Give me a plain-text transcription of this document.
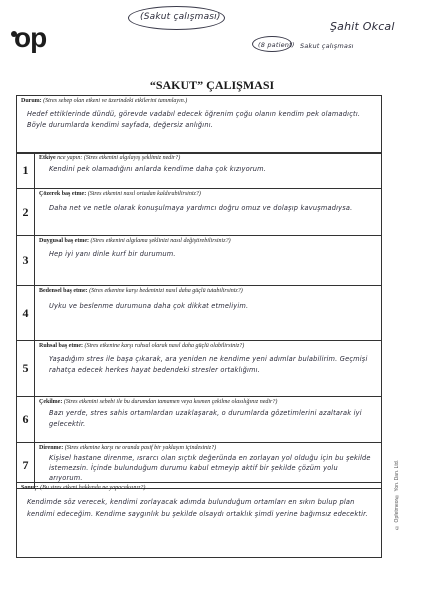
op
(Sakut çalışması)
Şahit Okcal
(8 patient) Sakut çalışması
“SAKUT” ÇALIŞMASI
Durum: (Stres sebep olan etkeni ve üzerindeki etkilerini tanımlayın.)
Hedef ettiklerinde dündü, görevde vadabıl edecek öğrenim çoğu olanın kendim pek olamadıçtı. Böyle durumlarda kendimi sayfada, değersiz anlığını.
1
Etkiye nce yapın: (Stres etkenini algılayış şeklimiz nedir?)
Kendini pek olamadığını anlarda kendime daha çok kızıyorum.
2
Çözerek baş etme: (Stres etkenini nasıl ortadan kaldırabilirsiniz?)
Daha net ve netle olarak konuşulmaya yardımcı doğru omuz ve dolaşıp kavuşmadıysa.
3
Duygusal baş etme: (Stres etkenini algılama şeklinizi nasıl değiştirebilirsiniz?)
Hep iyi yanı dinle kurf bir durumum.
4
Bedensel baş etme: (Stres etkenine karşı bedeninizi nasıl daha güçlü tutabilirsiniz?)
Uyku ve beslenme durumuna daha çok dikkat etmeliyim.
5
Ruhsal baş etme: (Stres etkenine karşı ruhsal olarak nasıl daha güçlü olabilirsiniz?)
Yaşadığım stres ile başa çıkarak, ara yeniden ne kendime yeni adımlar bulabilirim. Geçmişi rahatça edecek herkes hayat bedendeki stresler ortaklığımı.
6
Çekilme: (Stres etkenini sebebi ile bu durumdan tamamen veya kısmen çekilme olasılığınız nedir?)
Bazı yerde, stres sahis ortamlardan uzaklaşarak, o durumlarda gözetimlerini azaltarak iyi gelecektir.
7
Direnme: (Stres etkenine karşı ne oranda pasif bir yaklaşım içindesiniz?)
Kişisel hastane direnme, ısrarcı olan sıçtık değeründa en zorlayan yol olduğu için bu şekilde istemezsin. İçinde bulunduğum durumu kabul etmeyip aktif bir şekilde çözüm yolu arıyorum.
Sonuç: (Bu stres etkeni hakkında ne yapacaksınız?)
Kendimde söz verecek, kendimi zorlayacak adımda bulunduğum ortamları en sıkın bulup plan kendimi edeceğim. Kendime saygınlık bu şekilde olsaydı ortaklık şimdi yerine bağımsız edecektir.	© Opfetmeor® Yon. Dan. Ltd.
